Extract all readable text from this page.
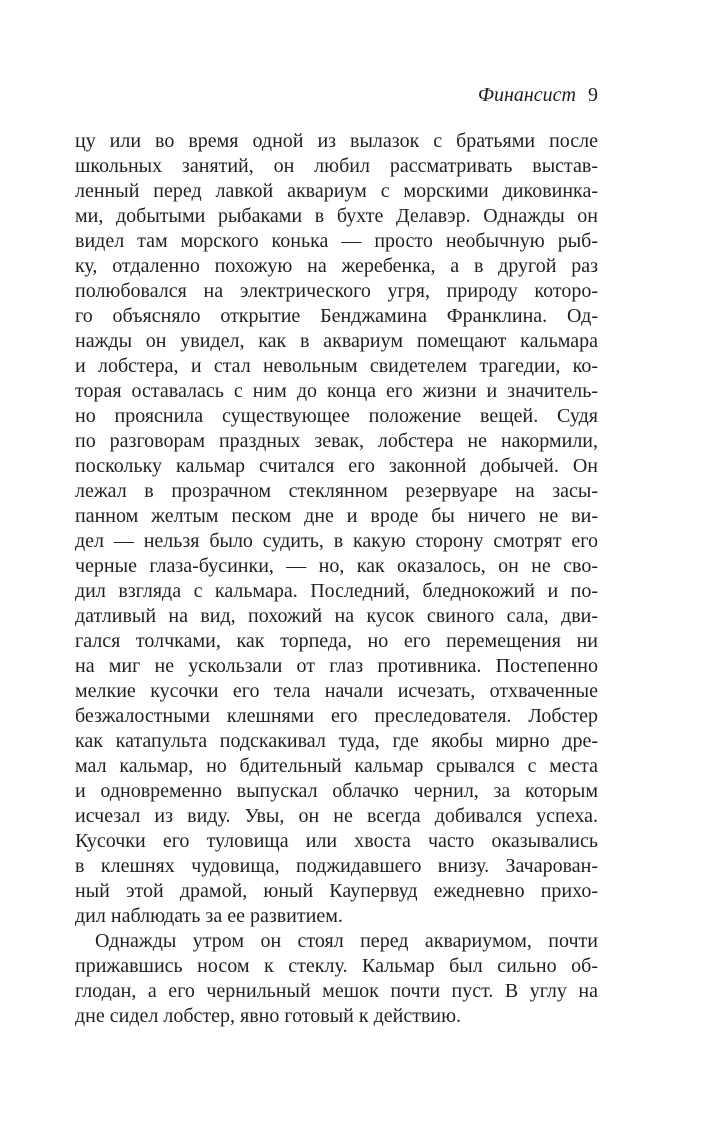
Финансист 9
цу или во время одной из вылазок с братьями после
школьных занятий, он любил рассматривать выстав-
ленный перед лавкой аквариум с морскими диковинка-
ми, добытыми рыбаками в бухте Делавэр. Однажды он
видел там морского конька — просто необычную рыб-
ку, отдаленно похожую на жеребенка, а в другой раз
полюбовался на электрического угря, природу которо-
го объясняло открытие Бенджамина Франклина. Од-
нажды он увидел, как в аквариум помещают кальмара
и лобстера, и стал невольным свидетелем трагедии, ко-
торая оставалась с ним до конца его жизни и значитель-
но прояснила существующее положение вещей. Судя
по разговорам праздных зевак, лобстера не накормили,
поскольку кальмар считался его законной добычей. Он
лежал в прозрачном стеклянном резервуаре на засы-
панном желтым песком дне и вроде бы ничего не ви-
дел — нельзя было судить, в какую сторону смотрят его
черные глаза-бусинки, — но, как оказалось, он не сво-
дил взгляда с кальмара. Последний, бледнокожий и по-
датливый на вид, похожий на кусок свиного сала, дви-
гался толчками, как торпеда, но его перемещения ни
на миг не ускользали от глаз противника. Постепенно
мелкие кусочки его тела начали исчезать, отхваченные
безжалостными клешнями его преследователя. Лобстер
как катапульта подскакивал туда, где якобы мирно дре-
мал кальмар, но бдительный кальмар срывался с места
и одновременно выпускал облачко чернил, за которым
исчезал из виду. Увы, он не всегда добивался успеха.
Кусочки его туловища или хвоста часто оказывались
в клешнях чудовища, поджидавшего внизу. Зачарован-
ный этой драмой, юный Каупервуд ежедневно прихо-
дил наблюдать за ее развитием.
Однажды утром он стоял перед аквариумом, почти
прижавшись носом к стеклу. Кальмар был сильно об-
глодан, а его чернильный мешок почти пуст. В углу на
дне сидел лобстер, явно готовый к действию.
